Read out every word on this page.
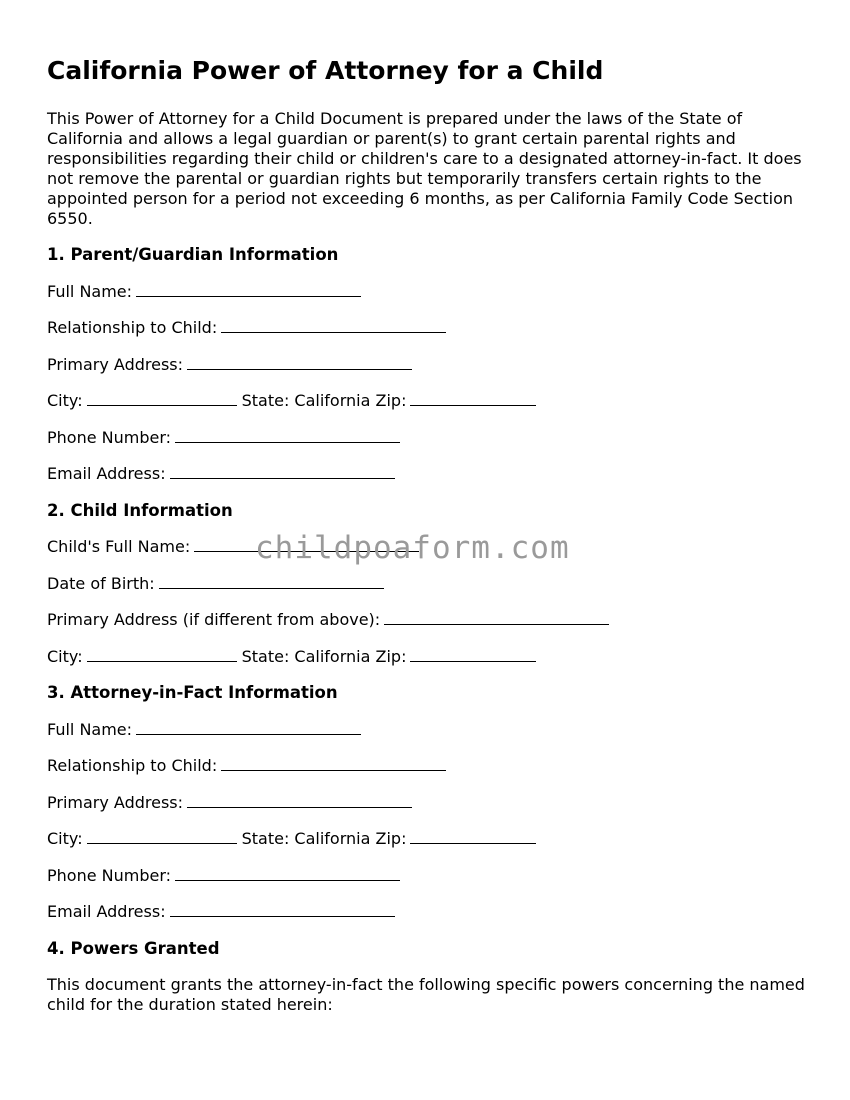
California Power of Attorney for a Child

This Power of Attorney for a Child Document is prepared under the laws of the State of California and allows a legal guardian or parent(s) to grant certain parental rights and responsibilities regarding their child or children's care to a designated attorney-in-fact. It does not remove the parental or guardian rights but temporarily transfers certain rights to the appointed person for a period not exceeding 6 months, as per California Family Code Section 6550.

1. Parent/Guardian Information

Full Name:

Relationship to Child:

Primary Address:

City:	State: California Zip:

Phone Number:

Email Address:

2. Child Information

Child's Full Name:

Date of Birth:

Primary Address (if different from above):

City:	State: California Zip:

3. Attorney-in-Fact Information

Full Name:

Relationship to Child:

Primary Address:

City:	State: California Zip:

Phone Number:

Email Address:

4. Powers Granted

This document grants the attorney-in-fact the following specific powers concerning the named child for the duration stated herein:

childpoaform.com
